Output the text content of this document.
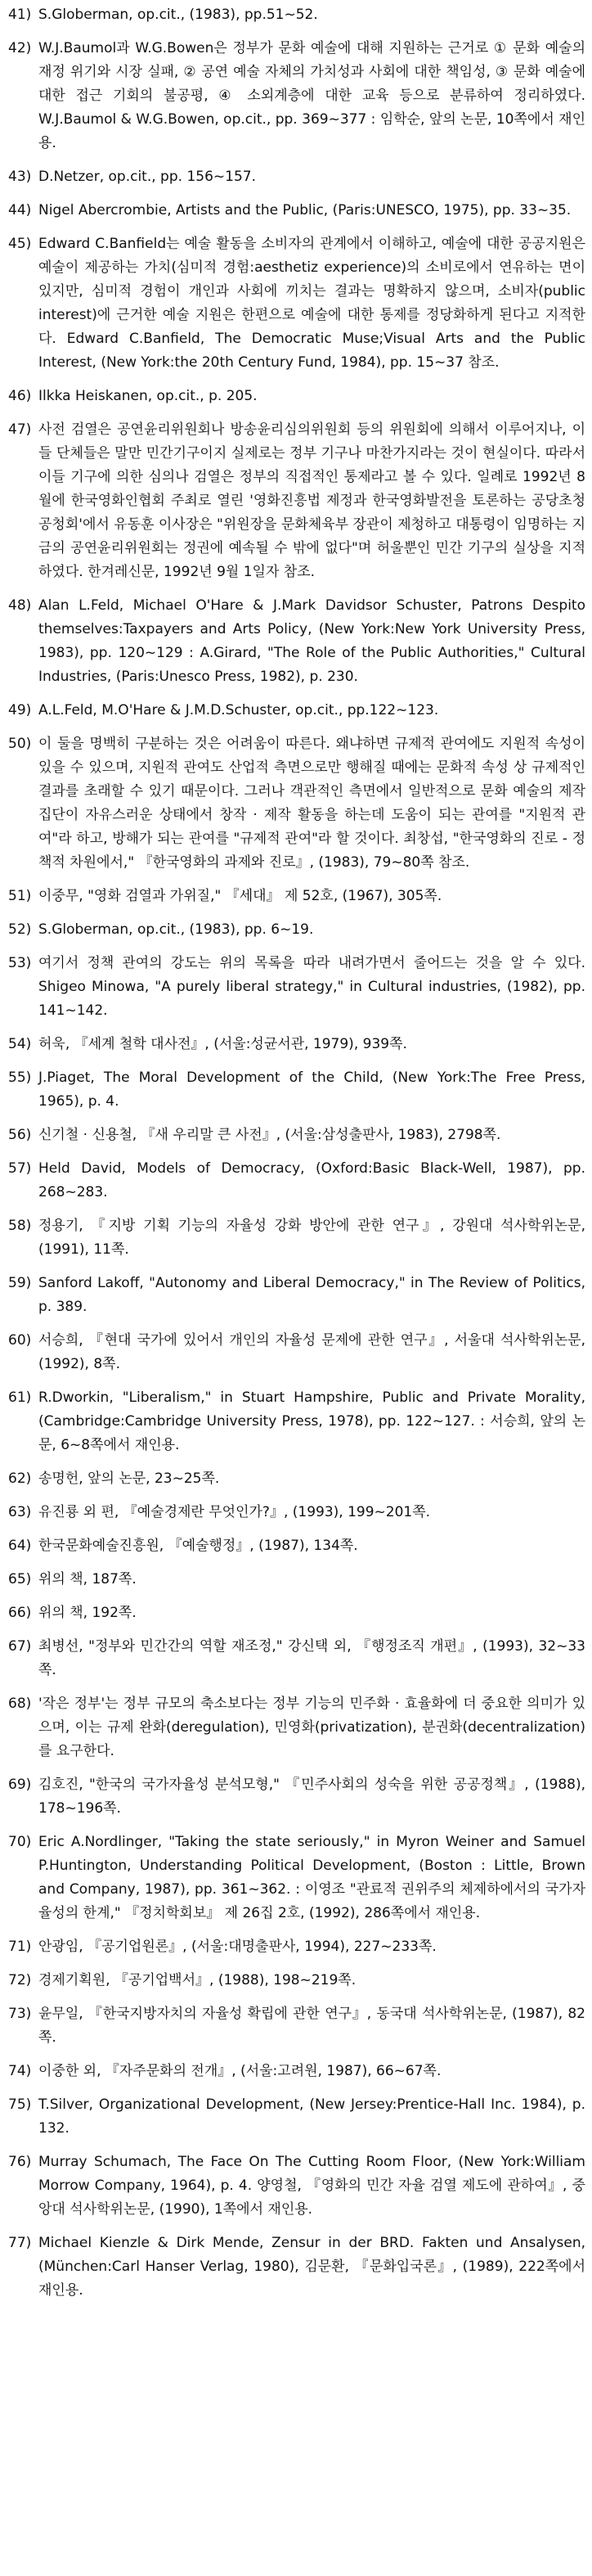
41) S.Globerman, op.cit., (1983), pp.51~52.
42) W.J.Baumol과 W.G.Bowen은 정부가 문화 예술에 대해 지원하는 근거로 ① 문화 예술의 재정 위기와 시장 실패, ② 공연 예술 자체의 가치성과 사회에 대한 책임성, ③ 문화 예술에 대한 접근 기회의 불공평, ④ 소외계층에 대한 교육 등으로 분류하여 정리하였다. W.J.Baumol & W.G.Bowen, op.cit., pp. 369~377 : 임학순, 앞의 논문, 10쪽에서 재인용.
43) D.Netzer, op.cit., pp. 156~157.
44) Nigel Abercrombie, Artists and the Public, (Paris:UNESCO, 1975), pp. 33~35.
45) Edward C.Banfield는 예술 활동을 소비자의 관계에서 이해하고, 예술에 대한 공공지원은 예술이 제공하는 가치(심미적 경험:aesthetiz experience)의 소비로에서 연유하는 면이 있지만, 심미적 경험이 개인과 사회에 끼치는 결과는 명확하지 않으며, 소비자(public interest)에 근거한 예술 지원은 한편으로 예술에 대한 통제를 정당화하게 된다고 지적한다. Edward C.Banfield, The Democratic Muse;Visual Arts and the Public Interest, (New York:the 20th Century Fund, 1984), pp. 15~37 참조.
46) Ilkka Heiskanen, op.cit., p. 205.
47) 사전 검열은 공연윤리위원회나 방송윤리심의위원회 등의 위원회에 의해서 이루어지나, 이들 단체들은 말만 민간기구이지 실제로는 정부 기구나 마찬가지라는 것이 현실이다. 따라서 이들 기구에 의한 심의나 검열은 정부의 직접적인 통제라고 볼 수 있다. 일례로 1992년 8월에 한국영화인협회 주최로 열린 '영화진흥법 제정과 한국영화발전을 토론하는 공당초청 공청회'에서 유동훈 이사장은 "위원장을 문화체육부 장관이 제청하고 대통령이 임명하는 지금의 공연윤리위원회는 정권에 예속될 수 밖에 없다"며 허울뿐인 민간 기구의 실상을 지적하였다. 한겨레신문, 1992년 9월 1일자 참조.
48) Alan L.Feld, Michael O'Hare & J.Mark Davidsor Schuster, Patrons Despito themselves:Taxpayers and Arts Policy, (New York:New York University Press, 1983), pp. 120~129 : A.Girard, "The Role of the Public Authorities," Cultural Industries, (Paris:Unesco Press, 1982), p. 230.
49) A.L.Feld, M.O'Hare & J.M.D.Schuster, op.cit., pp.122~123.
50) 이 둘을 명백히 구분하는 것은 어려움이 따른다. 왜냐하면 규제적 관여에도 지원적 속성이 있을 수 있으며, 지원적 관여도 산업적 측면으로만 행해질 때에는 문화적 속성 상 규제적인 결과를 초래할 수 있기 때문이다. 그러나 객관적인 측면에서 일반적으로 문화 예술의 제작 집단이 자유스러운 상태에서 창작 · 제작 활동을 하는데 도움이 되는 관여를 "지원적 관여"라 하고, 방해가 되는 관여를 "규제적 관여"라 할 것이다. 최창섭, "한국영화의 진로 - 정책적 차원에서," 『한국영화의 과제와 진로』, (1983), 79~80쪽 참조.
51) 이중무, "영화 검열과 가위질," 『세대』 제 52호, (1967), 305쪽.
52) S.Globerman, op.cit., (1983), pp. 6~19.
53) 여기서 정책 관여의 강도는 위의 목록을 따라 내려가면서 줄어드는 것을 알 수 있다. Shigeo Minowa, "A purely liberal strategy," in Cultural industries, (1982), pp. 141~142.
54) 허욱, 『세계 철학 대사전』, (서울:성균서관, 1979), 939쪽.
55) J.Piaget, The Moral Development of the Child, (New York:The Free Press, 1965), p. 4.
56) 신기철 · 신용철, 『새 우리말 큰 사전』, (서울:삼성출판사, 1983), 2798쪽.
57) Held David, Models of Democracy, (Oxford:Basic Black-Well, 1987), pp. 268~283.
58) 정용기, 『지방 기획 기능의 자율성 강화 방안에 관한 연구』, 강원대 석사학위논문, (1991), 11쪽.
59) Sanford Lakoff, "Autonomy and Liberal Democracy," in The Review of Politics, p. 389.
60) 서승희, 『현대 국가에 있어서 개인의 자율성 문제에 관한 연구』, 서울대 석사학위논문, (1992), 8쪽.
61) R.Dworkin, "Liberalism," in Stuart Hampshire, Public and Private Morality, (Cambridge:Cambridge University Press, 1978), pp. 122~127. : 서승희, 앞의 논문, 6~8쪽에서 재인용.
62) 송명헌, 앞의 논문, 23~25쪽.
63) 유진룡 외 편, 『예술경제란 무엇인가?』, (1993), 199~201쪽.
64) 한국문화예술진흥원, 『예술행정』, (1987), 134쪽.
65) 위의 책, 187쪽.
66) 위의 책, 192쪽.
67) 최병선, "정부와 민간간의 역할 재조정," 강신택 외, 『행정조직 개편』, (1993), 32~33쪽.
68) '작은 정부'는 정부 규모의 축소보다는 정부 기능의 민주화 · 효율화에 더 중요한 의미가 있으며, 이는 규제 완화(deregulation), 민영화(privatization), 분권화(decentralization)를 요구한다.
69) 김호진, "한국의 국가자율성 분석모형," 『민주사회의 성숙을 위한 공공정책』, (1988), 178~196쪽.
70) Eric A.Nordlinger, "Taking the state seriously," in Myron Weiner and Samuel P.Huntington, Understanding Political Development, (Boston : Little, Brown and Company, 1987), pp. 361~362. : 이영조 "관료적 권위주의 체제하에서의 국가자율성의 한계," 『정치학회보』 제 26집 2호, (1992), 286쪽에서 재인용.
71) 안광임, 『공기업원론』, (서울:대명출판사, 1994), 227~233쪽.
72) 경제기획원, 『공기업백서』, (1988), 198~219쪽.
73) 윤무일, 『한국지방자치의 자율성 확립에 관한 연구』, 동국대 석사학위논문, (1987), 82쪽.
74) 이중한 외, 『자주문화의 전개』, (서울:고려원, 1987), 66~67쪽.
75) T.Silver, Organizational Development, (New Jersey:Prentice-Hall Inc. 1984), p. 132.
76) Murray Schumach, The Face On The Cutting Room Floor, (New York:William Morrow Company, 1964), p. 4. 양영철, 『영화의 민간 자율 검열 제도에 관하여』, 중앙대 석사학위논문, (1990), 1쪽에서 재인용.
77) Michael Kienzle & Dirk Mende, Zensur in der BRD. Fakten und Ansalysen, (München:Carl Hanser Verlag, 1980), 김문환, 『문화입국론』, (1989), 222쪽에서 재인용.
